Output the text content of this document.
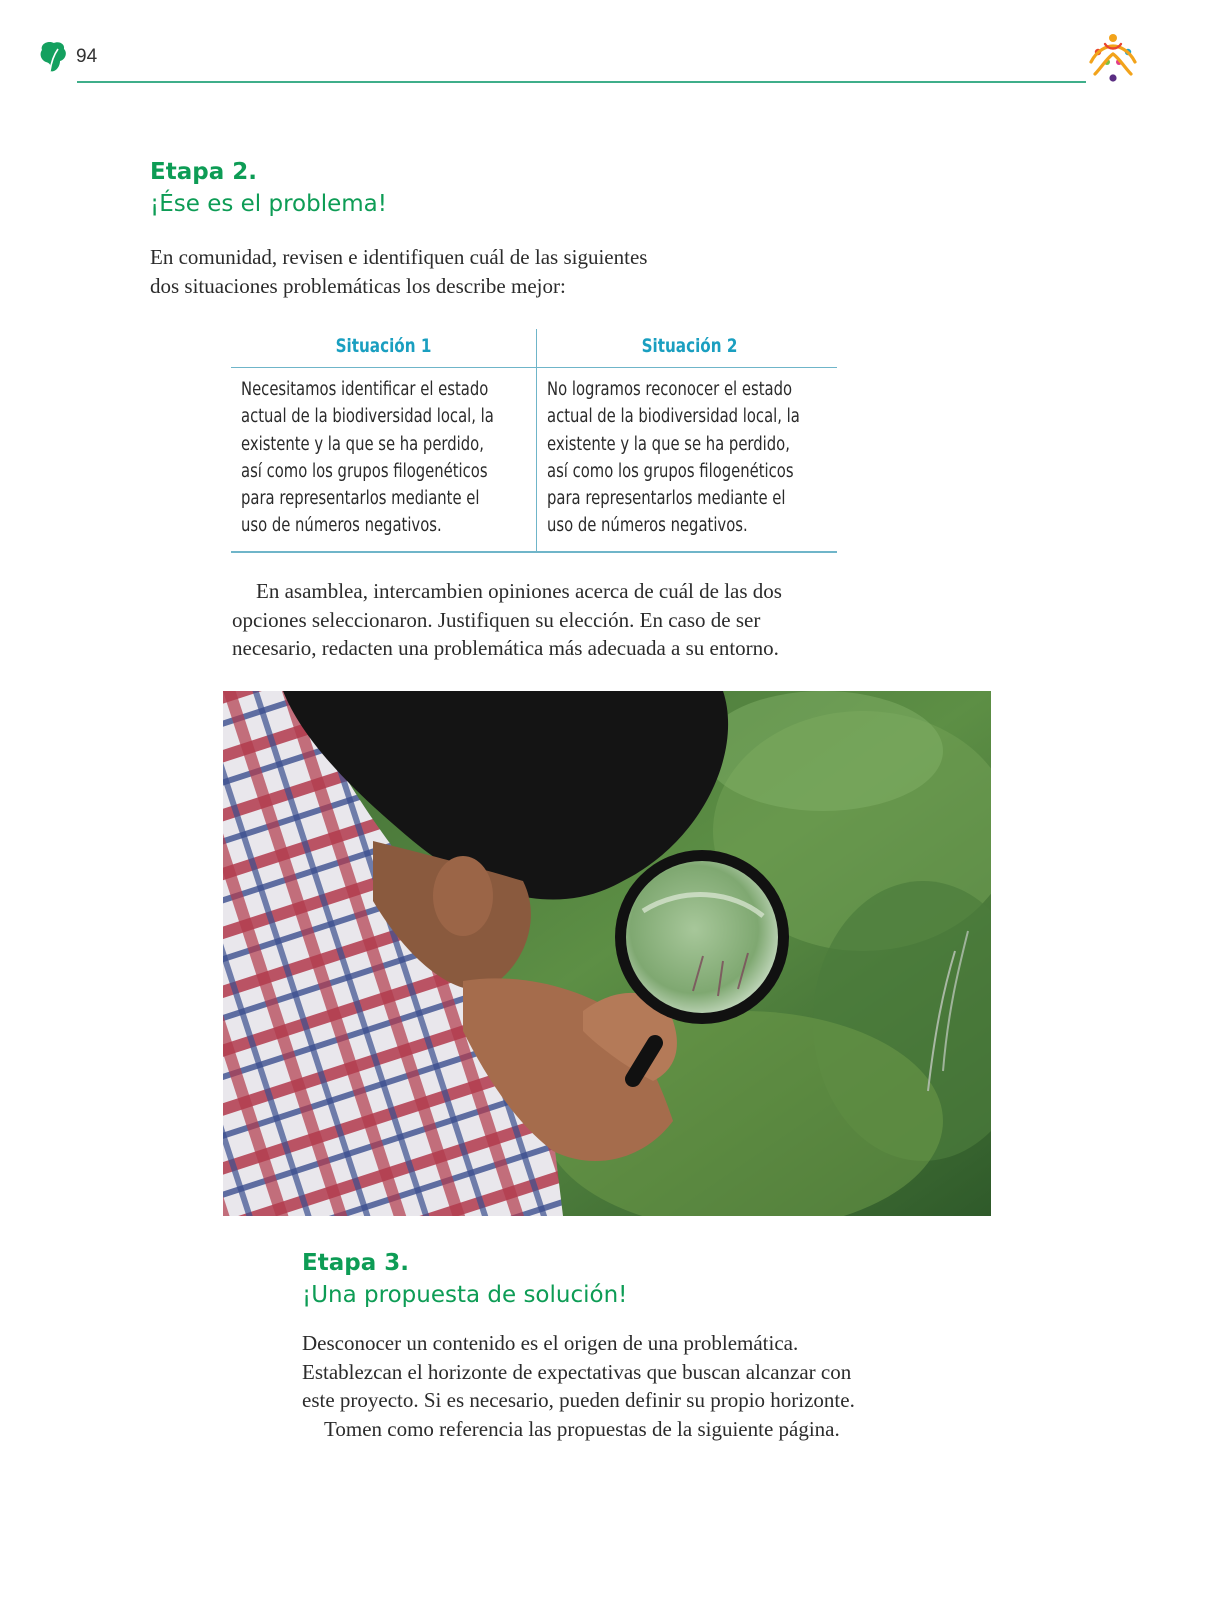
94
Etapa 2.
¡Ése es el problema!
En comunidad, revisen e identifiquen cuál de las siguientes
dos situaciones problemáticas los describe mejor:
Situación 1	Situación 2
Necesitamos identificar el estado
actual de la biodiversidad local, la
existente y la que se ha perdido,
así como los grupos filogenéticos
para representarlos mediante el
uso de números negativos.
No logramos reconocer el estado
actual de la biodiversidad local, la
existente y la que se ha perdido,
así como los grupos filogenéticos
para representarlos mediante el
uso de números negativos.
En asamblea, intercambien opiniones acerca de cuál de las dos
opciones seleccionaron. Justifiquen su elección. En caso de ser
necesario, redacten una problemática más adecuada a su entorno.
Etapa 3.
¡Una propuesta de solución!
Desconocer un contenido es el origen de una problemática.
Establezcan el horizonte de expectativas que buscan alcanzar con
este proyecto. Si es necesario, pueden definir su propio horizonte.
Tomen como referencia las propuestas de la siguiente página.
